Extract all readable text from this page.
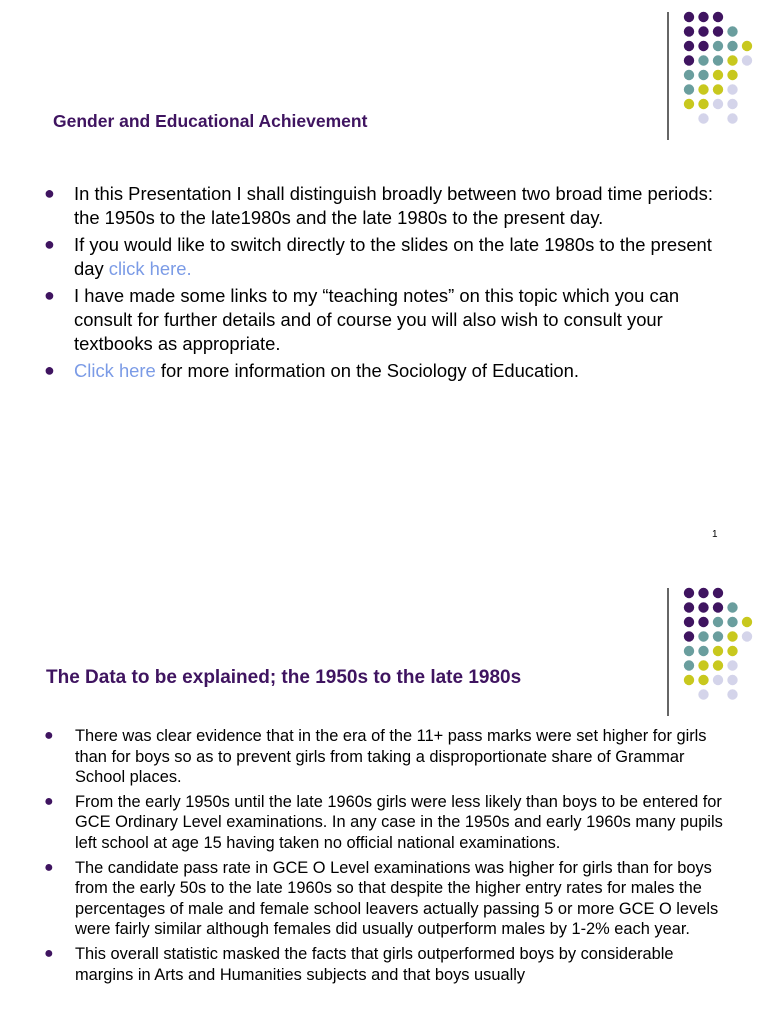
Gender and Educational Achievement
● In this Presentation I shall distinguish broadly between two broad time periods: the 1950s to the late1980s and the late 1980s to the present day.
● If you would like to switch directly to the slides on the late 1980s to the present day click here.
● I have made some links to my “teaching notes” on this topic which you can consult for further details and of course you will also wish to consult your textbooks as appropriate.
● Click here for more information on the Sociology of Education.
1
The Data to be explained; the 1950s to the late 1980s
● There was clear evidence that in the era of the 11+ pass marks were set higher for girls than for boys so as to prevent girls from taking a disproportionate share of Grammar School places.
● From the early 1950s until the late 1960s girls were less likely than boys to be entered for GCE Ordinary Level examinations. In any case in the 1950s and early 1960s many pupils left school at age 15 having taken no official national examinations.
● The candidate pass rate in GCE O Level examinations was higher for girls than for boys from the early 50s to the late 1960s so that despite the higher entry rates for males the percentages of male and female school leavers actually passing 5 or more GCE O levels were fairly similar although females did usually outperform males by 1-2% each year.
● This overall statistic masked the facts that girls outperformed boys by considerable margins in Arts and Humanities subjects and that boys usually
